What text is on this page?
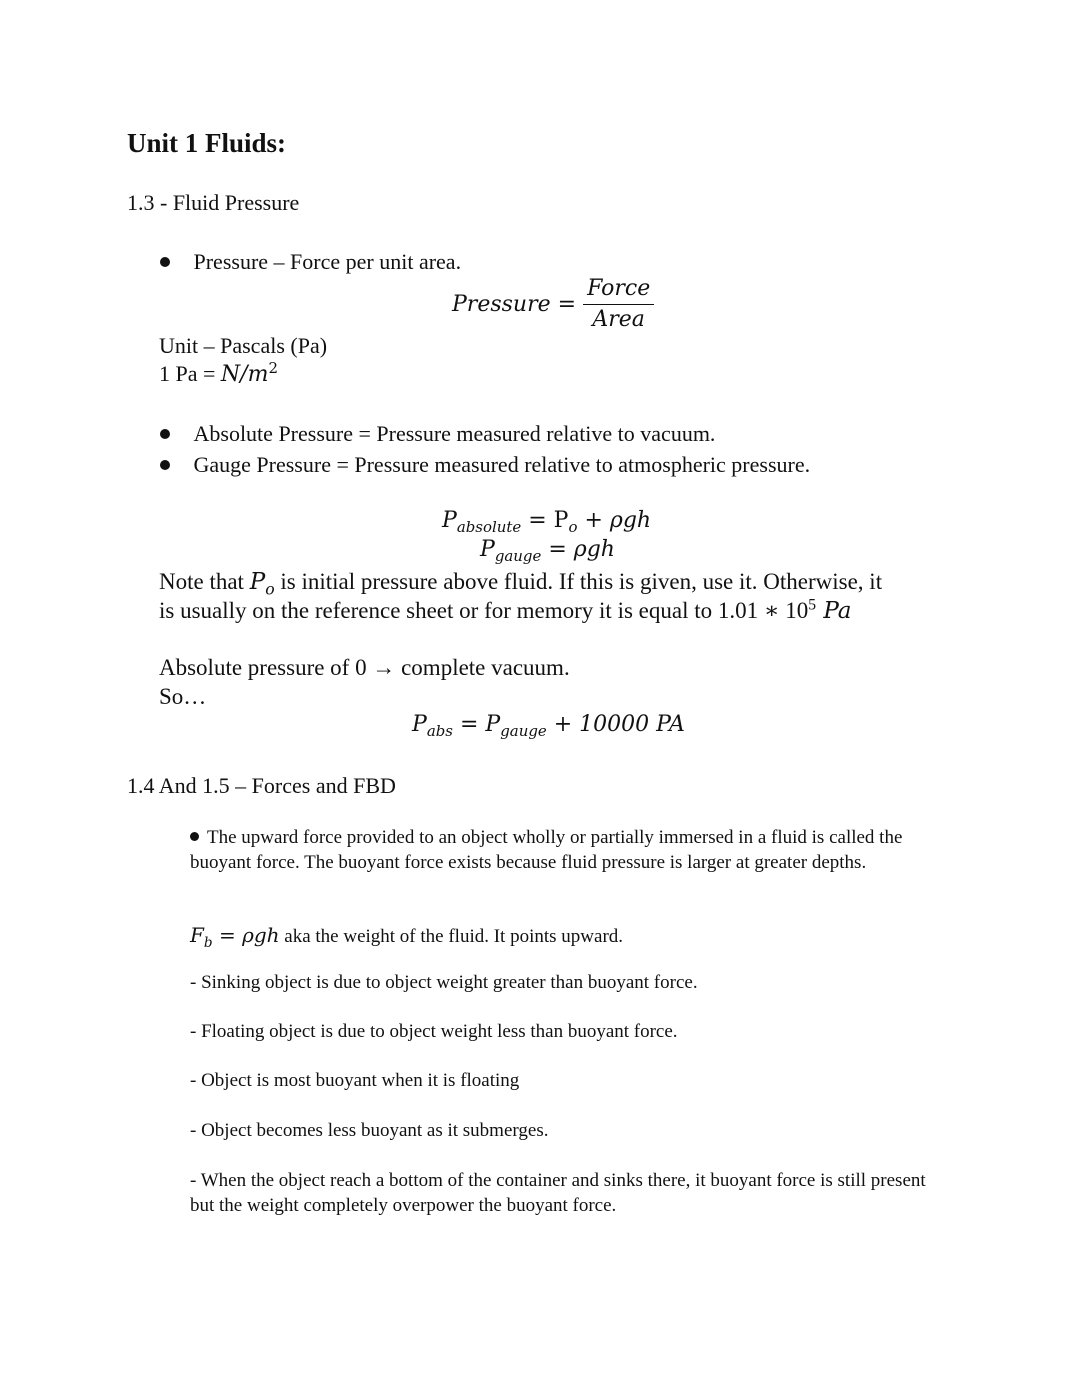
Unit 1 Fluids:
1.3 - Fluid Pressure
Pressure – Force per unit area.
Pressure = $\frac{\text{Force}}{\text{Area}}$
Unit – Pascals (Pa)
1 $Pa = N/m^2$
Absolute Pressure = Pressure measured relative to vacuum.
Gauge Pressure = Pressure measured relative to atmospheric pressure.
$P_{absolute} = P_o + \rho gh$
$P_{gauge} = \rho gh$
Note that $P_o$ is initial pressure above fluid. If this is given, use it. Otherwise, it
is usually on the reference sheet or for memory it is equal to 1.01 ∗ $10^5$ Pa
Absolute pressure of 0 → complete vacuum.
So…
$P_{abs} = P_{gauge} + 10000$ PA
1.4 And 1.5 – Forces and FBD
The upward force provided to an object wholly or partially immersed in a fluid is called the buoyant force. The buoyant force exists because fluid pressure is larger at greater depths.
$F_b = \rho gh$ aka the weight of the fluid. It points upward.
- Sinking object is due to object weight greater than buoyant force.
- Floating object is due to object weight less than buoyant force.
- Object is most buoyant when it is floating
- Object becomes less buoyant as it submerges.
- When the object reach a bottom of the container and sinks there, it buoyant force is still present but the weight completely overpower the buoyant force.
